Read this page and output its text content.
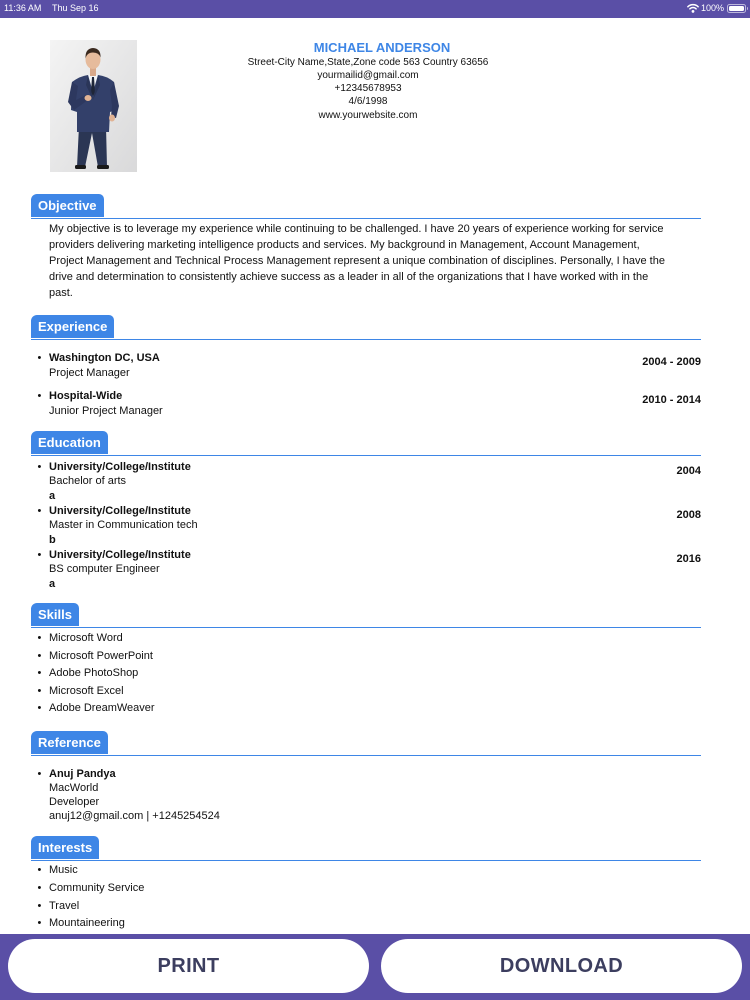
11:36 AM Thu Sep 16	100%
MICHAEL ANDERSON
Street-City Name,State,Zone code 563 Country 63656
yourmailid@gmail.com
+12345678953
4/6/1998
www.yourwebsite.com
Objective

My objective is to leverage my experience while continuing to be challenged. I have 20 years of experience working for service providers delivering marketing intelligence products and services. My background in Management, Account Management, Project Management and Technical Process Management represent a unique combination of disciplines. Personally, I have the drive and determination to consistently achieve success as a leader in all of the organizations that I have worked with in the past.

Experience
•
Washington DC, USA
Project Manager
2004 - 2009
•
Hospital-Wide
Junior Project Manager
2010 - 2014
Education
•
University/College/Institute
Bachelor of arts
a
2004
•
University/College/Institute
Master in Communication tech
b
2008
•
University/College/Institute
BS computer Engineer
a
2016
Skills
•
Microsoft Word
•
Microsoft PowerPoint
•
Adobe PhotoShop
•
Microsoft Excel
•
Adobe DreamWeaver
Reference
•
Anuj Pandya
MacWorld
Developer
anuj12@gmail.com | +1245254524
Interests
•
Music
•
Community Service
•
Travel
•
Mountaineering
PRINT	DOWNLOAD
